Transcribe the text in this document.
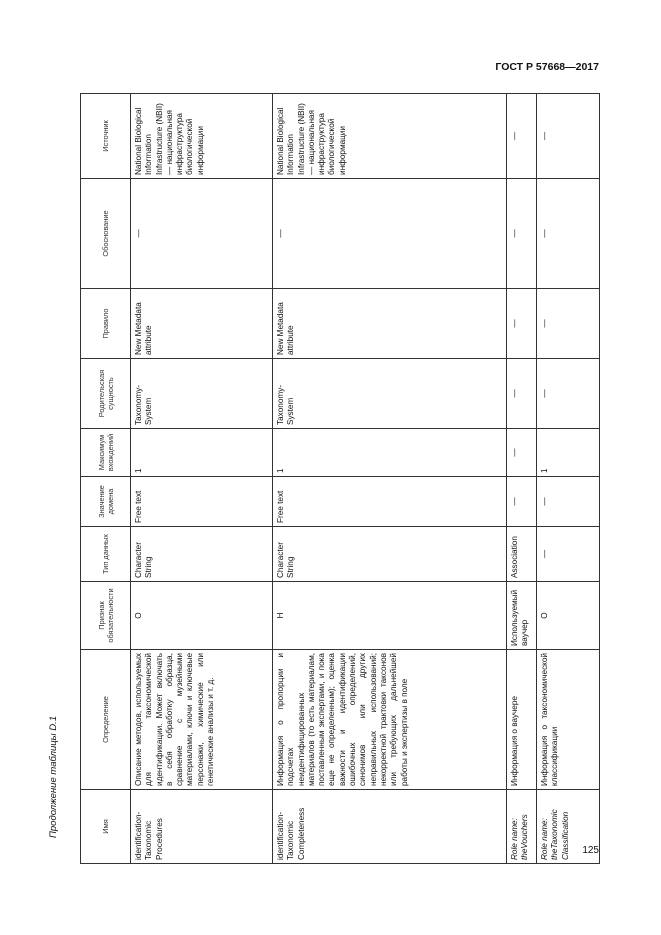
ГОСТ Р 57668—2017
Продолжение таблицы D.1
125
Имя	Определение	Признак обязательности	Тип данных	Значение домена	Максимум вхождений	Родительская сущность	Правило	Обоснование	Источник
identification-Taxonomic Procedures	Описание методов, используемых для таксономической идентификации. Может включать в себя обработку образца, сравнение с музейными материалами, ключи и ключевые персонажи, химические или генетические анализы и т. д.	О	Character String	Free text	1	Taxonomy-System	New Metadata attribute	—	National Biological Information Infrastructure (NBII) — национальная инфраструктура биологической информации
identification-Taxonomic Completeness	Информация о пропорции и подсчетах неидентифицированных материалов (то есть материалам, поставленным экспертами, и пока еще не определенным); оценка важности и идентификации ошибочных определений, синонимов или других неправильных использований; некорректной трактовки таксонов или требующих дальнейшей работы и экспертизы в поле	Н	Character String	Free text	1	Taxonomy-System	New Metadata attribute	—	National Biological Information Infrastructure (NBII) — национальная инфраструктура биологической информации
Role name: theVouchers	Информация о ваучере	Используемый ваучер	Association	—	—	—	—	—	—
Role name: theTaxonomic Classification	Информация о таксономической классификации	О	—	—	1	—	—	—	—
